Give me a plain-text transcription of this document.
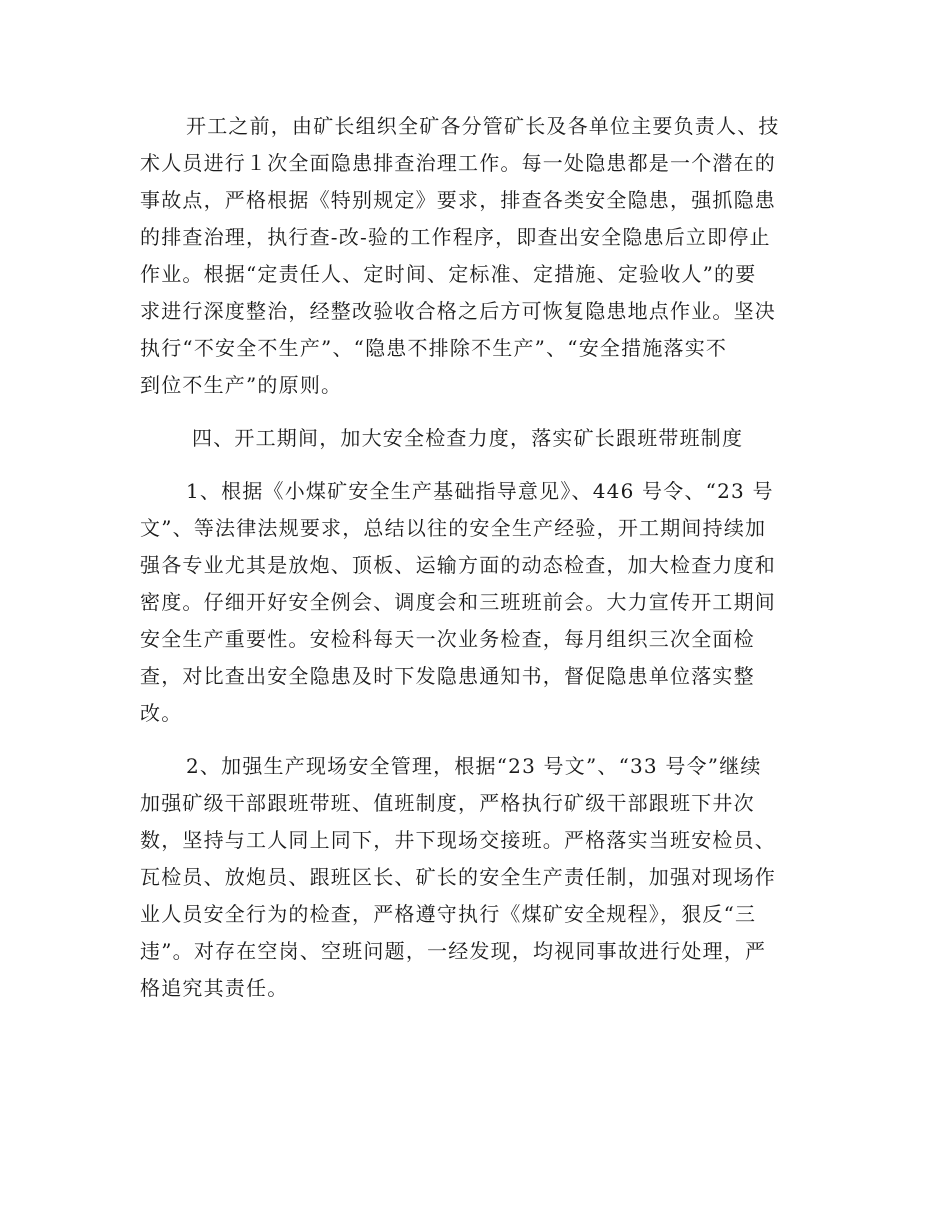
开工之前，由矿长组织全矿各分管矿长及各单位主要负责人、技
术人员进行１次全面隐患排查治理工作。每一处隐患都是一个潜在的
事故点，严格根据《特别规定》要求，排查各类安全隐患，强抓隐患
的排查治理，执行查-改-验的工作程序，即查出安全隐患后立即停止
作业。根据“定责任人、定时间、定标准、定措施、定验收人”的要
求进行深度整治，经整改验收合格之后方可恢复隐患地点作业。坚决
执行“不安全不生产”、“隐患不排除不生产”、“安全措施落实不
到位不生产”的原则。
四、开工期间，加大安全检查力度，落实矿长跟班带班制度
1、根据《小煤矿安全生产基础指导意见》、446 号令、“23 号
文”、等法律法规要求，总结以往的安全生产经验，开工期间持续加
强各专业尤其是放炮、顶板、运输方面的动态检查，加大检查力度和
密度。仔细开好安全例会、调度会和三班班前会。大力宣传开工期间
安全生产重要性。安检科每天一次业务检查，每月组织三次全面检
查，对比查出安全隐患及时下发隐患通知书，督促隐患单位落实整
改。
2、加强生产现场安全管理，根据“23 号文”、“33 号令”继续
加强矿级干部跟班带班、值班制度，严格执行矿级干部跟班下井次
数，坚持与工人同上同下，井下现场交接班。严格落实当班安检员、
瓦检员、放炮员、跟班区长、矿长的安全生产责任制，加强对现场作
业人员安全行为的检查，严格遵守执行《煤矿安全规程》，狠反“三
违”。对存在空岗、空班问题，一经发现，均视同事故进行处理，严
格追究其责任。
